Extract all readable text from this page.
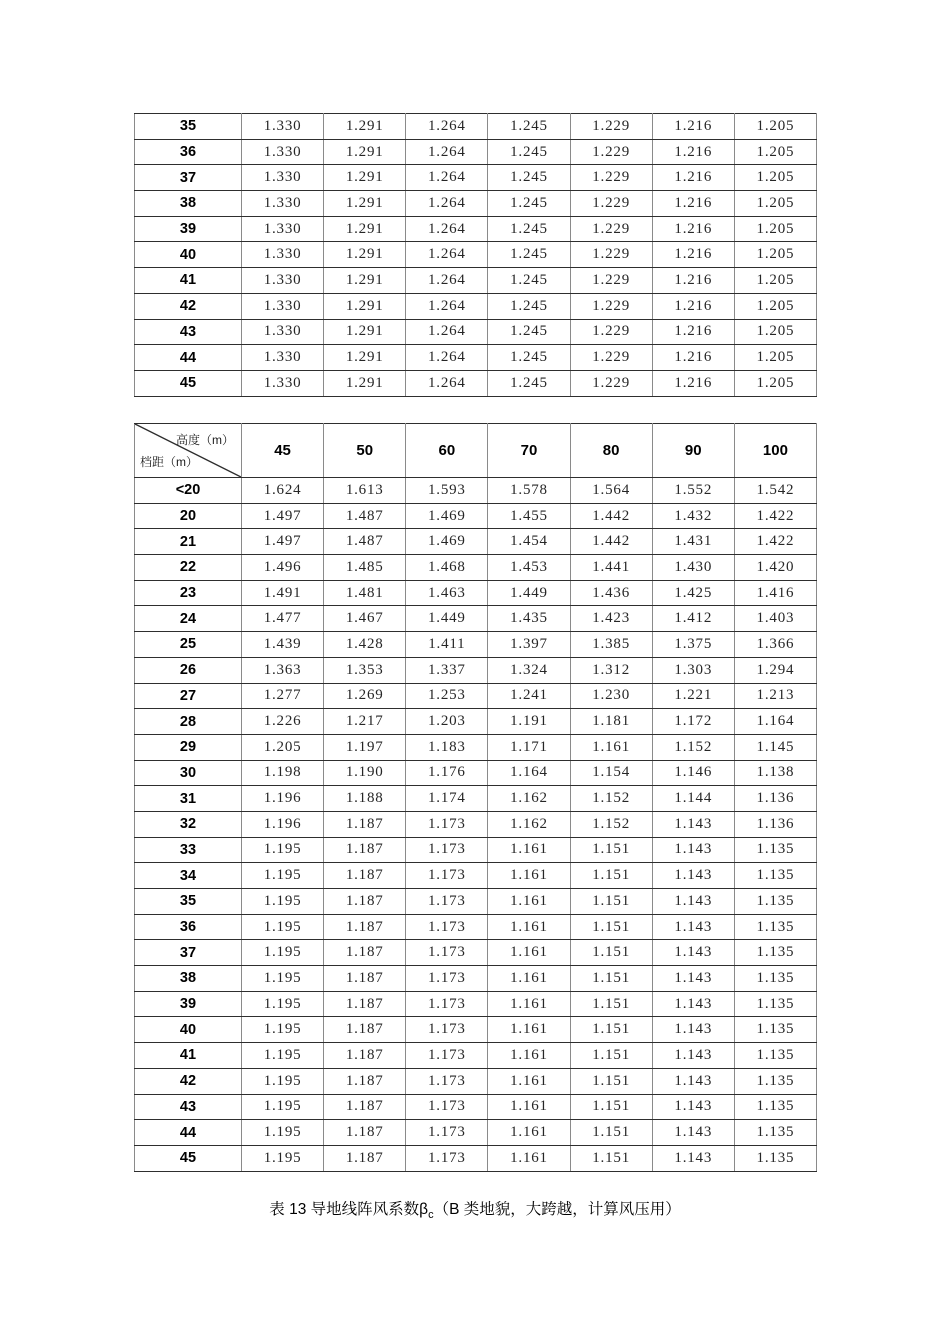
35	1.330	1.291	1.264	1.245	1.229	1.216	1.205
36	1.330	1.291	1.264	1.245	1.229	1.216	1.205
37	1.330	1.291	1.264	1.245	1.229	1.216	1.205
38	1.330	1.291	1.264	1.245	1.229	1.216	1.205
39	1.330	1.291	1.264	1.245	1.229	1.216	1.205
40	1.330	1.291	1.264	1.245	1.229	1.216	1.205
41	1.330	1.291	1.264	1.245	1.229	1.216	1.205
42	1.330	1.291	1.264	1.245	1.229	1.216	1.205
43	1.330	1.291	1.264	1.245	1.229	1.216	1.205
44	1.330	1.291	1.264	1.245	1.229	1.216	1.205
45	1.330	1.291	1.264	1.245	1.229	1.216	1.205
高度（m）
档距（m）	45	50	60	70	80	90	100
<20	1.624	1.613	1.593	1.578	1.564	1.552	1.542
20	1.497	1.487	1.469	1.455	1.442	1.432	1.422
21	1.497	1.487	1.469	1.454	1.442	1.431	1.422
22	1.496	1.485	1.468	1.453	1.441	1.430	1.420
23	1.491	1.481	1.463	1.449	1.436	1.425	1.416
24	1.477	1.467	1.449	1.435	1.423	1.412	1.403
25	1.439	1.428	1.411	1.397	1.385	1.375	1.366
26	1.363	1.353	1.337	1.324	1.312	1.303	1.294
27	1.277	1.269	1.253	1.241	1.230	1.221	1.213
28	1.226	1.217	1.203	1.191	1.181	1.172	1.164
29	1.205	1.197	1.183	1.171	1.161	1.152	1.145
30	1.198	1.190	1.176	1.164	1.154	1.146	1.138
31	1.196	1.188	1.174	1.162	1.152	1.144	1.136
32	1.196	1.187	1.173	1.162	1.152	1.143	1.136
33	1.195	1.187	1.173	1.161	1.151	1.143	1.135
34	1.195	1.187	1.173	1.161	1.151	1.143	1.135
35	1.195	1.187	1.173	1.161	1.151	1.143	1.135
36	1.195	1.187	1.173	1.161	1.151	1.143	1.135
37	1.195	1.187	1.173	1.161	1.151	1.143	1.135
38	1.195	1.187	1.173	1.161	1.151	1.143	1.135
39	1.195	1.187	1.173	1.161	1.151	1.143	1.135
40	1.195	1.187	1.173	1.161	1.151	1.143	1.135
41	1.195	1.187	1.173	1.161	1.151	1.143	1.135
42	1.195	1.187	1.173	1.161	1.151	1.143	1.135
43	1.195	1.187	1.173	1.161	1.151	1.143	1.135
44	1.195	1.187	1.173	1.161	1.151	1.143	1.135
45	1.195	1.187	1.173	1.161	1.151	1.143	1.135
表 13 导地线阵风系数$\beta_c(B$ 类地貌，大跨越，计算风压用）
